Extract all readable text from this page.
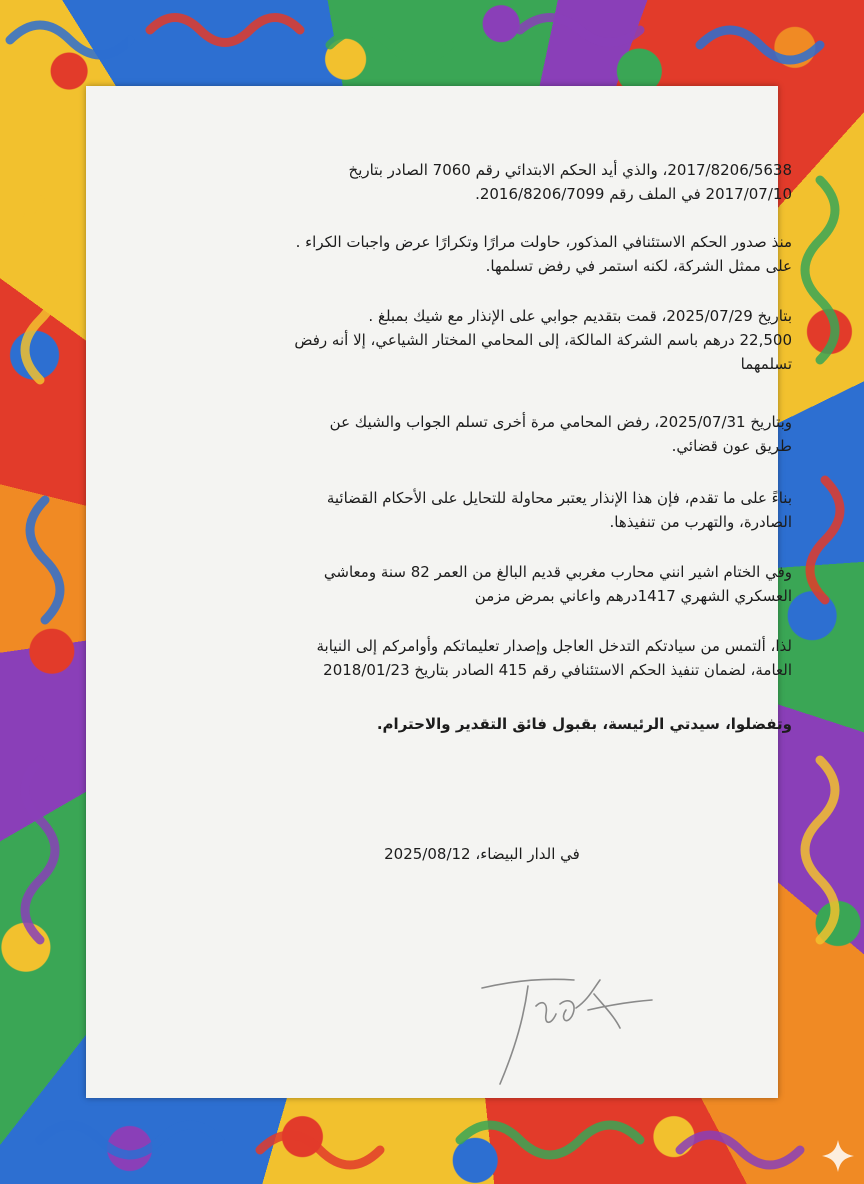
2017/8206/5638، والذي أيد الحكم الابتدائي رقم 7060 الصادر بتاريخ
2017/07/10 في الملف رقم 2016/8206/7099.

منذ صدور الحكم الاستئنافي المذكور، حاولت مرارًا وتكرارًا عرض واجبات الكراء .
على ممثل الشركة، لكنه استمر في رفض تسلمها.

بتاريخ 2025/07/29، قمت بتقديم جوابي على الإنذار مع شيك بمبلغ .
22,500 درهم باسم الشركة المالكة، إلى المحامي المختار الشياعي، إلا أنه رفض
تسلمهما

وبتاريخ 2025/07/31، رفض المحامي مرة أخرى تسلم الجواب والشيك عن
طريق عون قضائي.

بناءً على ما تقدم، فإن هذا الإنذار يعتبر محاولة للتحايل على الأحكام القضائية
الصادرة، والتهرب من تنفيذها.

وفي الختام اشير انني محارب مغربي قديم البالغ من العمر 82 سنة ومعاشي
العسكري الشهري 1417درهم واعاني بمرض مزمن

لذا، ألتمس من سيادتكم التدخل العاجل وإصدار تعليماتكم وأوامركم إلى النيابة
العامة، لضمان تنفيذ الحكم الاستئنافي رقم 415 الصادر بتاريخ 2018/01/23

وتفضلوا، سيدتي الرئيسة، بقبول فائق التقدير والاحترام.

في الدار البيضاء، 2025/08/12
